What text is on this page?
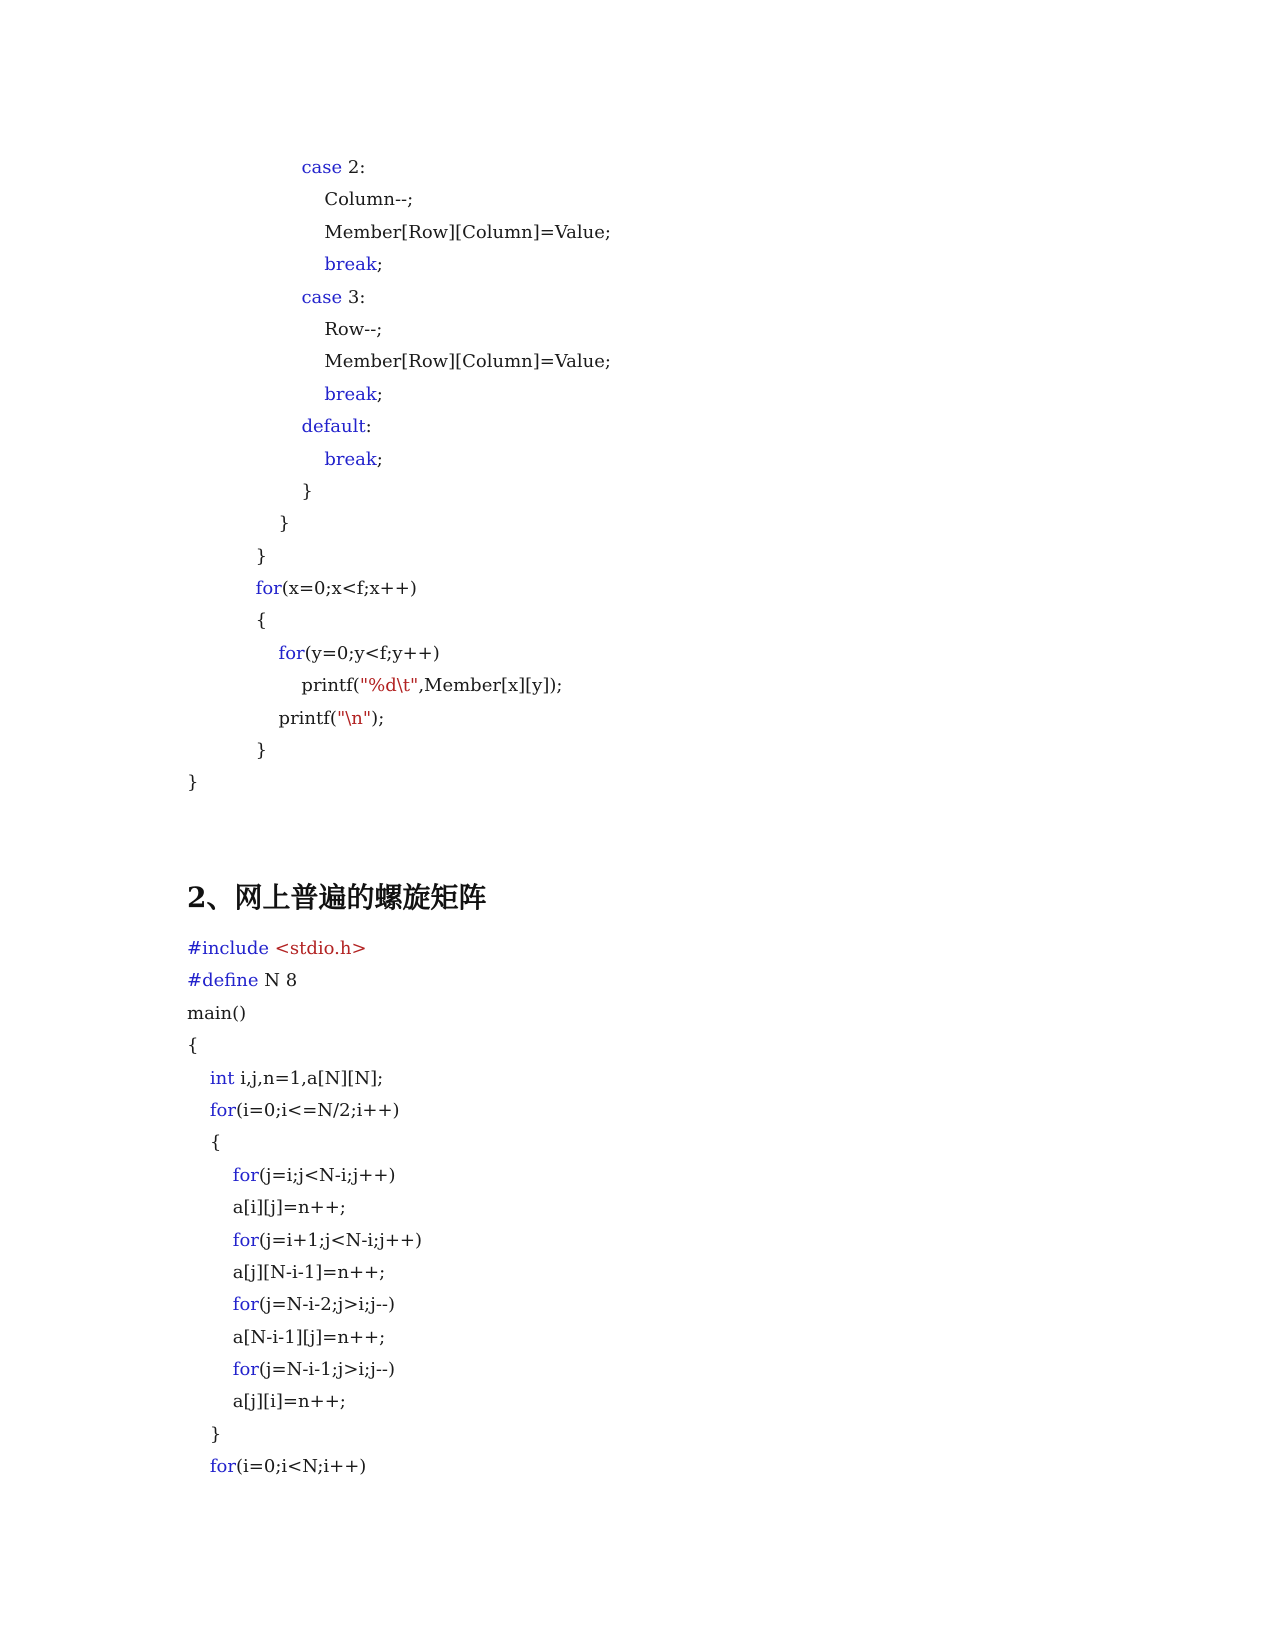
case 2:
Column--;
Member[Row][Column]=Value;
break;
case 3:
Row--;
Member[Row][Column]=Value;
break;
default:
break;
}
}
}
for(x=0;x<f;x++)
{
for(y=0;y<f;y++)
printf("%d\t",Member[x][y]);
printf("\n");
}
}
2、网上普遍的螺旋矩阵
#include <stdio.h>
#define N 8
main()
{
int i,j,n=1,a[N][N];
for(i=0;i<=N/2;i++)
{
for(j=i;j<N-i;j++)
a[i][j]=n++;
for(j=i+1;j<N-i;j++)
a[j][N-i-1]=n++;
for(j=N-i-2;j>i;j--)
a[N-i-1][j]=n++;
for(j=N-i-1;j>i;j--)
a[j][i]=n++;
}
for(i=0;i<N;i++)
